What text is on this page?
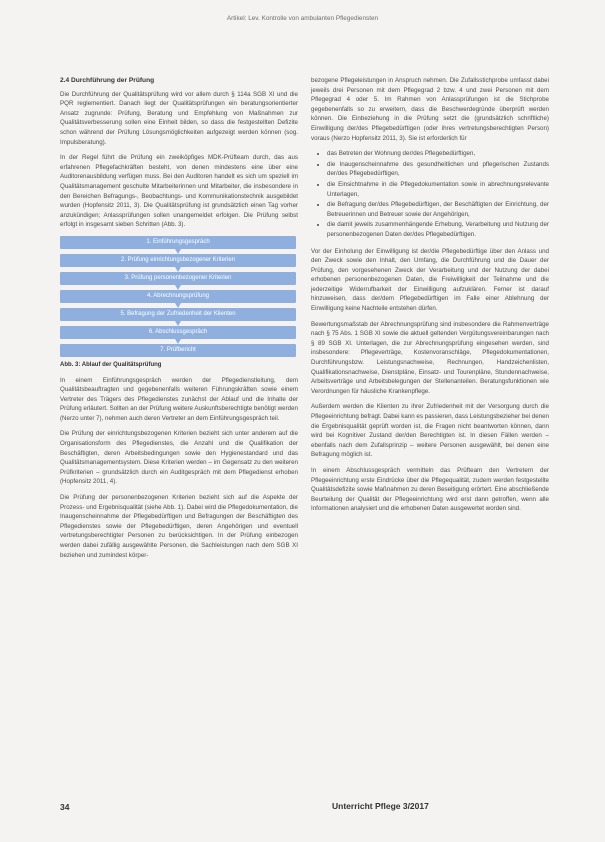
Artikel: Lev. Kontrolle von ambulanten Pflegediensten
2.4 Durchführung der Prüfung

Die Durchführung der Qualitätsprüfung wird vor allem durch § 114a SGB XI und die PQR reglementiert. Danach liegt der Qualitätsprüfungen ein beratungsorientierter Ansatz zugrunde: Prüfung, Beratung und Empfehlung von Maßnahmen zur Qualitätsverbesserung sollen eine Einheit bilden, so dass die festgestellten Defizite schon während der Prüfung Lösungsmöglichkeiten aufgezeigt werden können (sog. Impulsberatung).

In der Regel führt die Prüfung ein zweiköpfiges MDK-Prüfteam durch, das aus erfahrenen Pflegefachkräften besteht, von denen mindestens eine über eine Auditorenausbildung verfügen muss. Bei den Auditoren handelt es sich um speziell im Qualitätsmanagement geschulte Mitarbeiterinnen und Mitarbeiter, die insbesondere in den Bereichen Befragungs-, Beobachtungs- und Kommunikationstechnik ausgebildet wurden (Hopfensitz 2011, 3). Die Qualitätsprüfung ist grundsätzlich einen Tag vorher anzukündigen; Anlassprüfungen sollen unangemeldet erfolgen. Die Prüfung selbst erfolgt in insgesamt sieben Schritten (Abb. 3).

1. Einführungsgespräch
2. Prüfung einrichtungsbezogener Kriterien
3. Prüfung personenbezogener Kriterien
4. Abrechnungsprüfung
5. Befragung der Zufriedenheit der Klienten
6. Abschlussgespräch
7. Prüfbericht
Abb. 3: Ablauf der Qualitätsprüfung

In einem Einführungsgespräch werden der Pflegedienstleitung, dem Qualitätsbeauftragten und gegebenenfalls weiteren Führungskräften sowie einem Vertreter des Trägers des Pflegedienstes zunächst der Ablauf und die Inhalte der Prüfung erläutert. Sollten an der Prüfung weitere Auskunftsberechtigte benötigt werden (Nerzo unter 7), nehmen auch deren Vertreter an dem Einführungsgespräch teil.

Die Prüfung der einrichtungsbezogenen Kriterien bezieht sich unter anderem auf die Organisationsform des Pflegedienstes, die Anzahl und die Qualifikation der Beschäftigten, deren Arbeitsbedingungen sowie den Hygienestandard und das Qualitätsmanagementsystem. Diese Kriterien werden – im Gegensatz zu den weiteren Prüfkriterien – grundsätzlich durch ein Auditgespräch mit dem Pflegedienst erhoben (Hopfensitz 2011, 4).

Die Prüfung der personenbezogenen Kriterien bezieht sich auf die Aspekte der Prozess- und Ergebnisqualität (siehe Abb. 1). Dabei wird die Pflegedokumentation, die Inaugenscheinnahme der Pflegebedürftigen und Befragungen der Beschäftigten des Pflegedienstes sowie der Pflegebedürftigen, deren Angehörigen und eventuell vertretungsberechtigter Personen zu berücksichtigen. In der Prüfung einbezogen werden dabei zufällig ausgewählte Personen, die Sachleistungen nach dem SGB XI beziehen und zumindest körper-

bezogene Pflegeleistungen in Anspruch nehmen. Die Zufallsstichprobe umfasst dabei jeweils drei Personen mit dem Pflegegrad 2 bzw. 4 und zwei Personen mit dem Pflegegrad 4 oder 5. Im Rahmen von Anlassprüfungen ist die Stichprobe gegebenenfalls so zu erweitern, dass die Beschwerdegründe überprüft werden können. Die Einbeziehung in die Prüfung setzt die (grundsätzlich schriftliche) Einwilligung der/des Pflegebedürftigen (oder ihres vertretungsberechtigten Person) voraus (Nerzo Hopfensitz 2011, 3). Sie ist erforderlich für

• das Betreten der Wohnung der/des Pflegebedürftigen,
• die Inaugenscheinnahme des gesundheitlichen und pflegerischen Zustands der/des Pflegebedürftigen,
• die Einsichtnahme in die Pflegedokumentation sowie in abrechnungsrelevante Unterlagen,
• die Befragung der/des Pflegebedürftigen, der Beschäftigten der Einrichtung, der Betreuerinnen und Betreuer sowie der Angehörigen,
• die damit jeweils zusammenhängende Erhebung, Verarbeitung und Nutzung der personenbezogenen Daten der/des Pflegebedürftigen.

Vor der Einholung der Einwilligung ist der/die Pflegebedürftige über den Anlass und den Zweck sowie den Inhalt, den Umfang, die Durchführung und die Dauer der Prüfung, den vorgesehenen Zweck der Verarbeitung und der Nutzung der dabei erhobenen personenbezogenen Daten, die Freiwilligkeit der Teilnahme und die jederzeitige Widerrufbarkeit der Einwilligung aufzuklären. Ferner ist darauf hinzuweisen, dass der/dem Pflegebedürftigen im Falle einer Ablehnung der Einwilligung keine Nachteile entstehen dürfen.

Bewertungsmaßstab der Abrechnungsprüfung sind insbesondere die Rahmenverträge nach § 75 Abs. 1 SGB XI sowie die aktuell geltenden Vergütungsvereinbarungen nach § 89 SGB XI. Unterlagen, die zur Abrechnungsprüfung eingesehen werden, sind insbesondere: Pflegeverträge, Kostenvoranschläge, Pflegedokumentationen, Durchführungsbzw. Leistungsnachweise, Rechnungen, Handzeichenlisten, Qualifikationsnachweise, Dienstpläne, Einsatz- und Tourenpläne, Stundennachweise, Arbeitsverträge und Arbeitsbelegungen der Stellenanteilen. Beratungsfunktionen wie Verordnungen für häusliche Krankenpflege.

Außerdem werden die Klienten zu ihrer Zufriedenheit mit der Versorgung durch die Pflegeeinrichtung befragt. Dabei kann es passieren, dass Leistungsbezieher bei denen die Ergebnisqualität geprüft worden ist, die Fragen nicht beantworten können, dann wird bei Kognitiver Zustand der/den Berechtigten ist. In diesen Fällen werden – ebenfalls nach dem Zufallsprinzip – weitere Personen ausgewählt, bei denen eine Befragung möglich ist.

In einem Abschlussgespräch vermitteln das Prüfteam den Vertretern der Pflegeeinrichtung erste Eindrücke über die Pflegequalität, zudem werden festgestellte Qualitätsdefizite sowie Maßnahmen zu deren Beseitigung erörtert. Eine abschließende Beurteilung der Qualität der Pflegeeinrichtung wird erst dann getroffen, wenn alle Informationen analysiert und die erhobenen Daten ausgewertet worden sind.

34	Unterricht Pflege 3/2017
